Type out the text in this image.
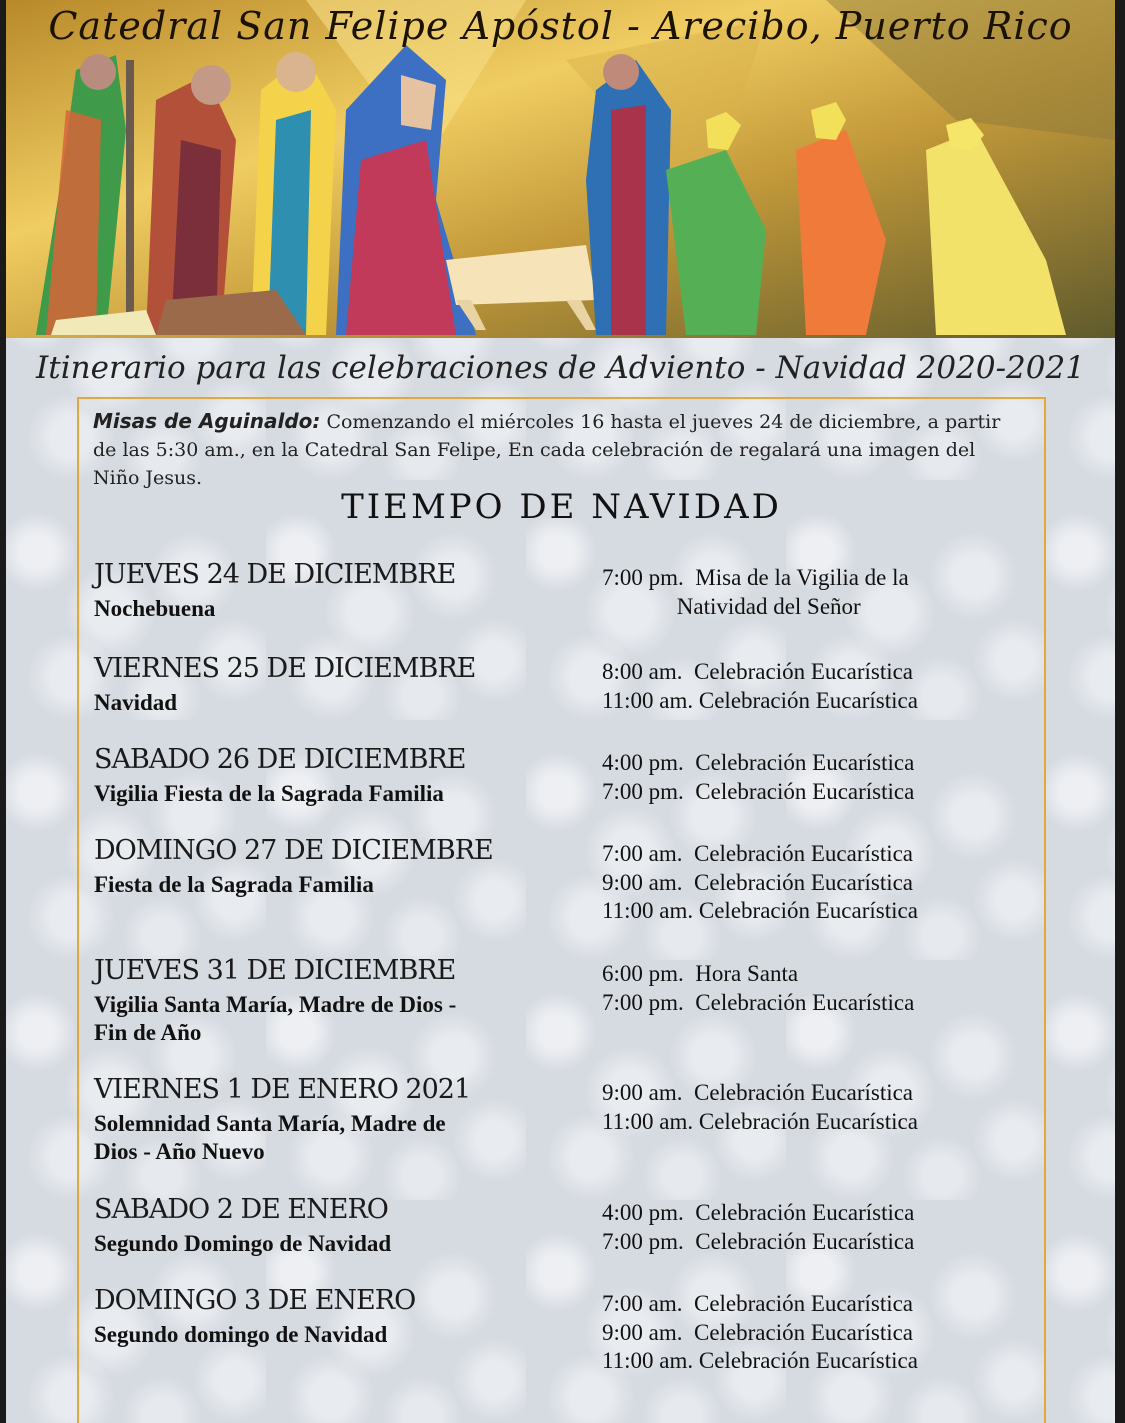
Catedral San Felipe Apóstol - Arecibo, Puerto Rico
Itinerario para las celebraciones de Adviento - Navidad 2020-2021
Misas de Aguinaldo: Comenzando el miércoles 16 hasta el jueves 24 de diciembre, a partir de las 5:30 am., en la Catedral San Felipe, En cada celebración de regalará una imagen del Niño Jesus.
TIEMPO DE NAVIDAD
JUEVES 24 DE DICIEMBRE
Nochebuena
7:00 pm.  Misa de la Vigilia de la
Natividad del Señor
VIERNES 25 DE DICIEMBRE
Navidad
8:00 am.  Celebración Eucarística
11:00 am. Celebración Eucarística
SABADO 26 DE DICIEMBRE
Vigilia Fiesta de la Sagrada Familia
4:00 pm.  Celebración Eucarística
7:00 pm.  Celebración Eucarística
DOMINGO 27 DE DICIEMBRE
Fiesta de la Sagrada Familia
7:00 am.  Celebración Eucarística
9:00 am.  Celebración Eucarística
11:00 am. Celebración Eucarística
JUEVES 31 DE DICIEMBRE
Vigilia Santa María, Madre de Dios - Fin de Año
6:00 pm.  Hora Santa
7:00 pm.  Celebración Eucarística
VIERNES 1 DE ENERO 2021
Solemnidad Santa María, Madre de Dios - Año Nuevo
9:00 am.  Celebración Eucarística
11:00 am. Celebración Eucarística
SABADO 2 DE ENERO
Segundo Domingo de Navidad
4:00 pm.  Celebración Eucarística
7:00 pm.  Celebración Eucarística
DOMINGO 3 DE ENERO
Segundo domingo de Navidad
7:00 am.  Celebración Eucarística
9:00 am.  Celebración Eucarística
11:00 am. Celebración Eucarística
